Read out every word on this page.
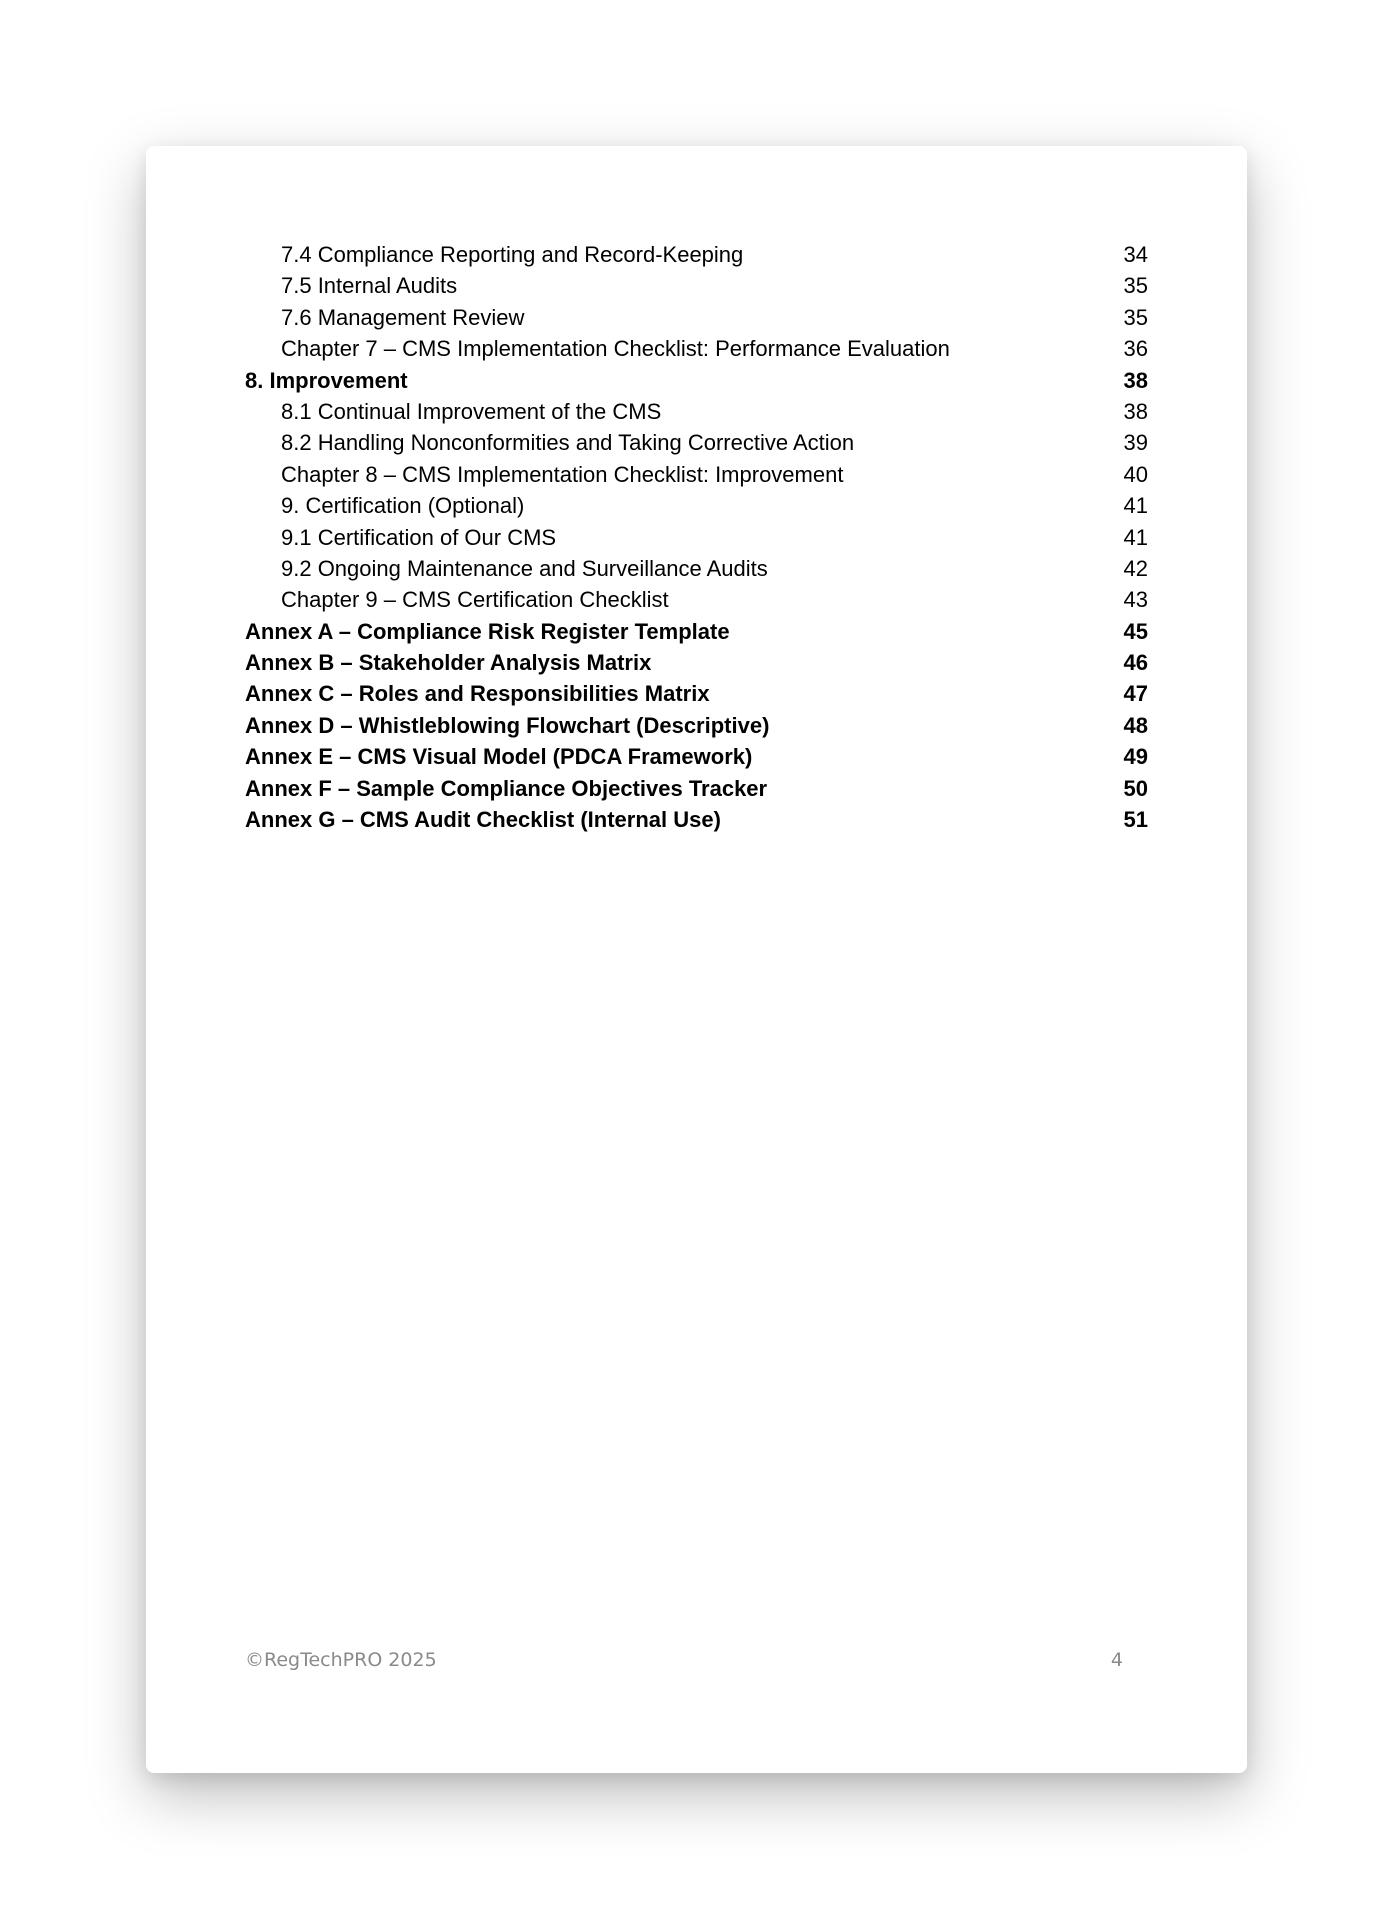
7.4 Compliance Reporting and Record-Keeping	34
7.5 Internal Audits	35
7.6 Management Review	35
Chapter 7 – CMS Implementation Checklist: Performance Evaluation	36
8. Improvement	38
8.1 Continual Improvement of the CMS	38
8.2 Handling Nonconformities and Taking Corrective Action	39
Chapter 8 – CMS Implementation Checklist: Improvement	40
9. Certification (Optional)	41
9.1 Certification of Our CMS	41
9.2 Ongoing Maintenance and Surveillance Audits	42
Chapter 9 – CMS Certification Checklist	43
Annex A – Compliance Risk Register Template	45
Annex B – Stakeholder Analysis Matrix	46
Annex C – Roles and Responsibilities Matrix	47
Annex D – Whistleblowing Flowchart (Descriptive)	48
Annex E – CMS Visual Model (PDCA Framework)	49
Annex F – Sample Compliance Objectives Tracker	50
Annex G – CMS Audit Checklist (Internal Use)	51
©RegTechPRO 2025	4
